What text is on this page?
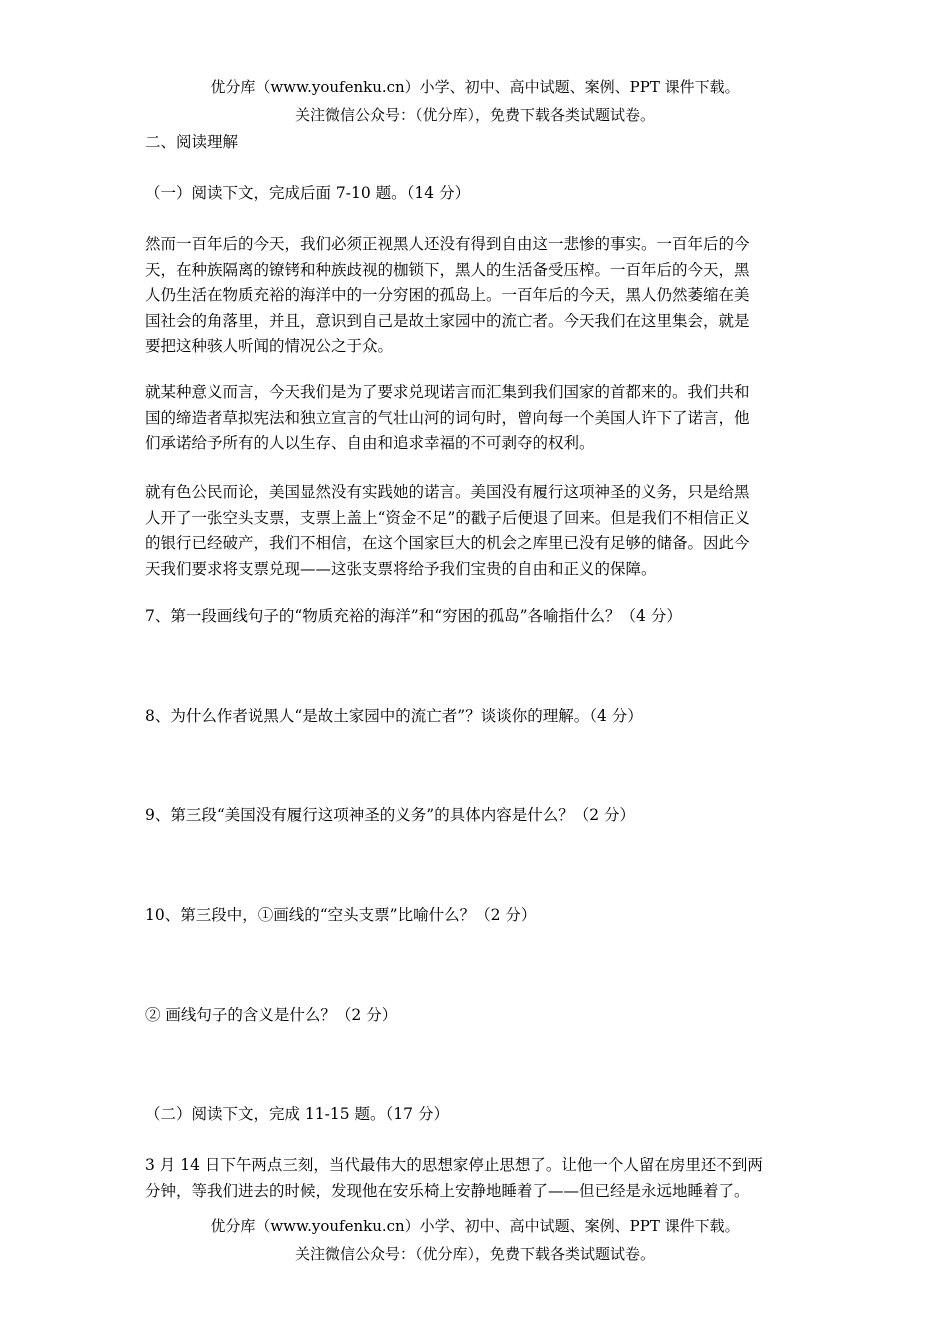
优分库（www.youfenku.cn）小学、初中、高中试题、案例、PPT 课件下载。
关注微信公众号：（优分库），免费下载各类试题试卷。
二、阅读理解
（一）阅读下文，完成后面 7-10 题。（14 分）
然而一百年后的今天，我们必须正视黑人还没有得到自由这一悲惨的事实。一百年后的今
天，在种族隔离的镣铐和种族歧视的枷锁下，黑人的生活备受压榨。一百年后的今天，黑
人仍生活在物质充裕的海洋中的一分穷困的孤岛上。一百年后的今天，黑人仍然萎缩在美
国社会的角落里，并且，意识到自己是故土家园中的流亡者。今天我们在这里集会，就是
要把这种骇人听闻的情况公之于众。
就某种意义而言，今天我们是为了要求兑现诺言而汇集到我们国家的首都来的。我们共和
国的缔造者草拟宪法和独立宣言的气壮山河的词句时，曾向每一个美国人许下了诺言，他
们承诺给予所有的人以生存、自由和追求幸福的不可剥夺的权利。
就有色公民而论，美国显然没有实践她的诺言。美国没有履行这项神圣的义务，只是给黑
人开了一张空头支票，支票上盖上“资金不足”的戳子后便退了回来。但是我们不相信正义
的银行已经破产，我们不相信，在这个国家巨大的机会之库里已没有足够的储备。因此今
天我们要求将支票兑现——这张支票将给予我们宝贵的自由和正义的保障。
7、第一段画线句子的“物质充裕的海洋”和“穷困的孤岛”各喻指什么？（4 分）
8、为什么作者说黑人“是故土家园中的流亡者”？谈谈你的理解。（4 分）
9、第三段“美国没有履行这项神圣的义务”的具体内容是什么？（2 分）
10、第三段中，①画线的“空头支票”比喻什么？（2 分）
② 画线句子的含义是什么？（2 分）
（二）阅读下文，完成 11-15 题。（17 分）
3 月 14 日下午两点三刻，当代最伟大的思想家停止思想了。让他一个人留在房里还不到两
分钟，等我们进去的时候，发现他在安乐椅上安静地睡着了——但已经是永远地睡着了。
优分库（www.youfenku.cn）小学、初中、高中试题、案例、PPT 课件下载。
关注微信公众号：（优分库），免费下载各类试题试卷。
